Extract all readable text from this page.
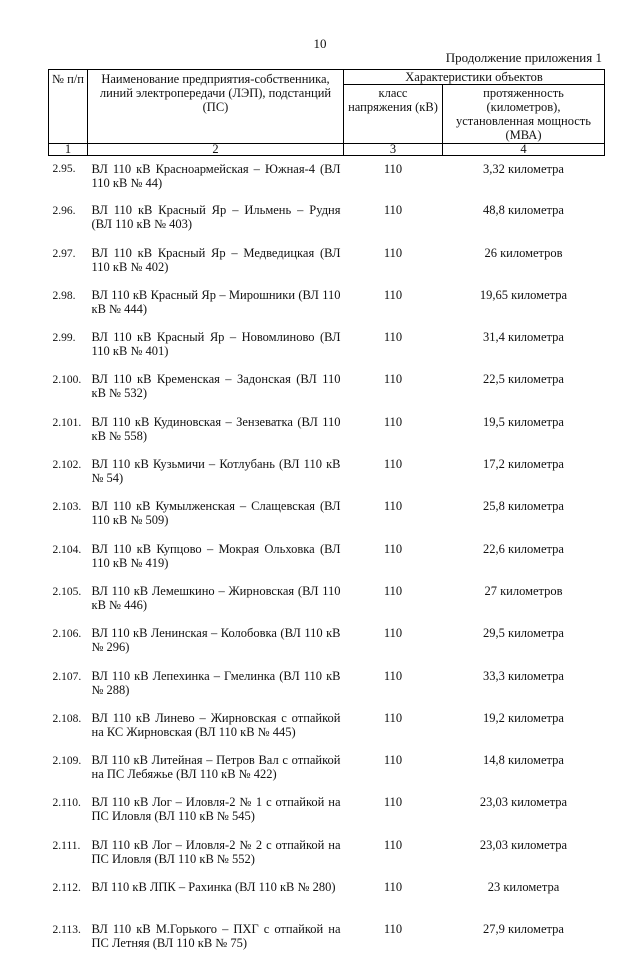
10
Продолжение приложения 1
№ п/п	Наименование предприятия-собственника, линий электропередачи (ЛЭП), подстанций (ПС)	Характеристики объектов	
		класс напряжения (кВ)	протяженность (километров), установленная мощность (МВА)
1	2	3	4
2.95.	ВЛ 110 кВ Красноармейская – Южная-4 (ВЛ 110 кВ № 44)	110	3,32 километра
2.96.	ВЛ 110 кВ Красный Яр – Ильмень – Рудня (ВЛ 110 кВ № 403)	110	48,8 километра
2.97.	ВЛ 110 кВ Красный Яр – Медведицкая (ВЛ 110 кВ № 402)	110	26 километров
2.98.	ВЛ 110 кВ Красный Яр – Мирошники (ВЛ 110 кВ № 444)	110	19,65 километра
2.99.	ВЛ 110 кВ Красный Яр – Новомлиново (ВЛ 110 кВ № 401)	110	31,4 километра
2.100.	ВЛ 110 кВ Кременская – Задонская (ВЛ 110 кВ № 532)	110	22,5 километра
2.101.	ВЛ 110 кВ Кудиновская – Зензеватка (ВЛ 110 кВ № 558)	110	19,5 километра
2.102.	ВЛ 110 кВ Кузьмичи – Котлубань (ВЛ 110 кВ № 54)	110	17,2 километра
2.103.	ВЛ 110 кВ Кумылженская – Слащевская (ВЛ 110 кВ № 509)	110	25,8 километра
2.104.	ВЛ 110 кВ Купцово – Мокрая Ольховка (ВЛ 110 кВ № 419)	110	22,6 километра
2.105.	ВЛ 110 кВ Лемешкино – Жирновская (ВЛ 110 кВ № 446)	110	27 километров
2.106.	ВЛ 110 кВ Ленинская – Колобовка (ВЛ 110 кВ № 296)	110	29,5 километра
2.107.	ВЛ 110 кВ Лепехинка – Гмелинка (ВЛ 110 кВ № 288)	110	33,3 километра
2.108.	ВЛ 110 кВ Линево – Жирновская с отпайкой на КС Жирновская (ВЛ 110 кВ № 445)	110	19,2 километра
2.109.	ВЛ 110 кВ Литейная – Петров Вал с отпайкой на ПС Лебяжье (ВЛ 110 кВ № 422)	110	14,8 километра
2.110.	ВЛ 110 кВ Лог – Иловля-2 № 1 с отпайкой на ПС Иловля (ВЛ 110 кВ № 545)	110	23,03 километра
2.111.	ВЛ 110 кВ Лог – Иловля-2 № 2 с отпайкой на ПС Иловля (ВЛ 110 кВ № 552)	110	23,03 километра
2.112.	ВЛ 110 кВ ЛПК – Рахинка (ВЛ 110 кВ № 280)	110	23 километра
2.113.	ВЛ 110 кВ М.Горького – ПХГ с отпайкой на ПС Летняя (ВЛ 110 кВ № 75)	110	27,9 километра
